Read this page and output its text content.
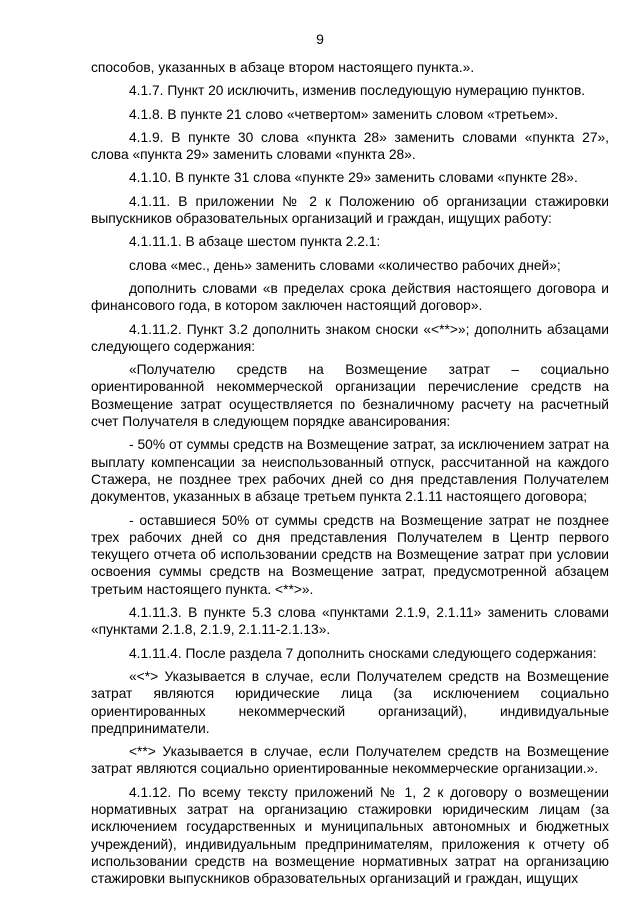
9

способов, указанных в абзаце втором настоящего пункта.».

4.1.7. Пункт 20 исключить, изменив последующую нумерацию пунктов.

4.1.8. В пункте 21 слово «четвертом» заменить словом «третьем».

4.1.9. В пункте 30 слова «пункта 28» заменить словами «пункта 27», слова «пункта 29» заменить словами «пункта 28».

4.1.10. В пункте 31 слова «пункте 29» заменить словами «пункте 28».

4.1.11. В приложении № 2 к Положению об организации стажировки выпускников образовательных организаций и граждан, ищущих работу:

4.1.11.1. В абзаце шестом пункта 2.2.1:

слова «мес., день» заменить словами «количество рабочих дней»;

дополнить словами «в пределах срока действия настоящего договора и финансового года, в котором заключен настоящий договор».

4.1.11.2. Пункт 3.2 дополнить знаком сноски «<**>»; дополнить абзацами следующего содержания:

«Получателю средств на Возмещение затрат – социально ориентированной некоммерческой организации перечисление средств на Возмещение затрат осуществляется по безналичному расчету на расчетный счет Получателя в следующем порядке авансирования:

- 50% от суммы средств на Возмещение затрат, за исключением затрат на выплату компенсации за неиспользованный отпуск, рассчитанной на каждого Стажера, не позднее трех рабочих дней со дня представления Получателем документов, указанных в абзаце третьем пункта 2.1.11 настоящего договора;

- оставшиеся 50% от суммы средств на Возмещение затрат не позднее трех рабочих дней со дня представления Получателем в Центр первого текущего отчета об использовании средств на Возмещение затрат при условии освоения суммы средств на Возмещение затрат, предусмотренной абзацем третьим настоящего пункта. <**>».

4.1.11.3. В пункте 5.3 слова «пунктами 2.1.9, 2.1.11» заменить словами «пунктами 2.1.8, 2.1.9, 2.1.11-2.1.13».

4.1.11.4. После раздела 7 дополнить сносками следующего содержания:

«<*> Указывается в случае, если Получателем средств на Возмещение затрат являются юридические лица (за исключением социально ориентированных некоммерческий организаций), индивидуальные предприниматели.

<**> Указывается в случае, если Получателем средств на Возмещение затрат являются социально ориентированные некоммерческие организации.».

4.1.12. По всему тексту приложений № 1, 2 к договору о возмещении нормативных затрат на организацию стажировки юридическим лицам (за исключением государственных и муниципальных автономных и бюджетных учреждений), индивидуальным предпринимателям, приложения к отчету об использовании средств на возмещение нормативных затрат на организацию стажировки выпускников образовательных организаций и граждан, ищущих
